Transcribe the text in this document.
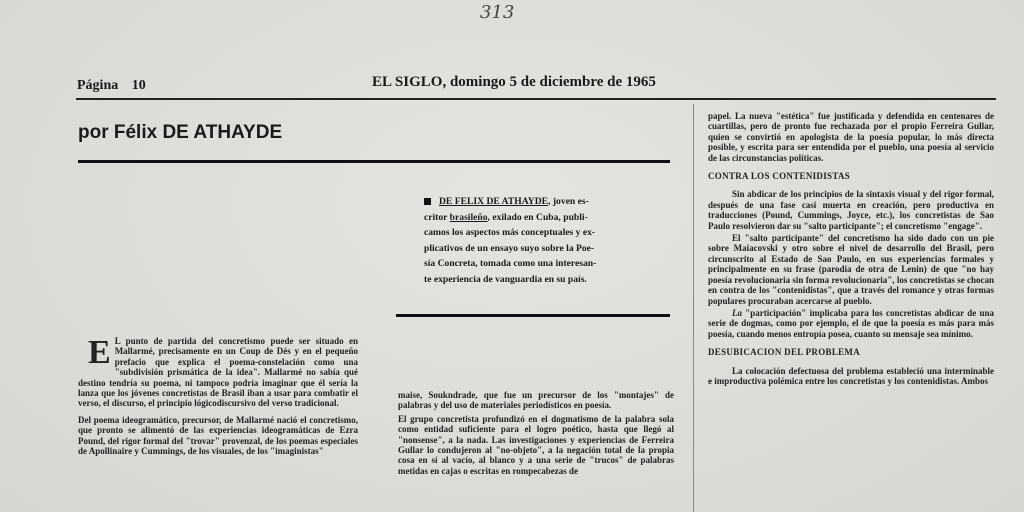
313
Página 10	EL SIGLO, domingo 5 de diciembre de 1965
por Félix DE ATHAYDE
DE FELIX DE ATHAYDE, joven es-
critor brasileño, exilado en Cuba, publi-
camos los aspectos más conceptuales y ex-
plicativos de un ensayo suyo sobre la Poe-
sía Concreta, tomada como una interesan-
te experiencia de vanguardia en su país.

E L punto de partida del concretismo puede ser situado en Mallarmé, precisamente en un Coup de Dés y en el pequeño prefacio que explica el poema-constelación como una "subdivisión prismática de la idea". Mallarmé no sabía qué destino tendría su poema, ni tampoco podría imaginar que él sería la lanza que los jóvenes concretistas de Brasil iban a usar para combatir el verso, el discurso, el principio lógicodiscursivo del verso tradicional.

Del poema ideogramático, precursor, de Mallarmé nació el concretismo, que pronto se alimentó de las experiencias ideogramáticas de Ezra Pound, del rigor formal del "trovar" provenzal, de los poemas especiales de Apollinaire y Cummings, de los visuales, de los "imaginistas"

maise, Soukndrade, que fue un precursor de los "montajes" de palabras y del uso de materiales periodísticos en poesía.

El grupo concretista profundizó en el dogmatismo de la palabra sola como entidad suficiente para el logro poético, hasta que llegó al "nonsense", a la nada. Las investigaciones y experiencias de Ferreira Gullar lo condujeron al "no-objeto", a la negación total de la propia cosa en sí al vacío, al blanco y a una serie de "trucos" de palabras metidas en cajas o escritas en rompecabezas de

papel. La nueva "estética" fue justificada y defendida en centenares de cuartillas, pero de pronto fue rechazada por el propio Ferreira Gullar, quien se convirtió en apologista de la poesía popular, lo más directa posible, y escrita para ser entendida por el pueblo, una poesía al servicio de las circunstancias políticas.

CONTRA LOS CONTENIDISTAS

Sin abdicar de los principios de la sintaxis visual y del rigor formal, después de una fase casi muerta en creación, pero productiva en traducciones (Pound, Cummings, Joyce, etc.), los concretistas de Sao Paulo resolvieron dar su "salto participante"; el concretismo "engage".

El "salto participante" del concretismo ha sido dado con un pie sobre Maiacovski y otro sobre el nivel de desarrollo del Brasil, pero circunscrito al Estado de Sao Paulo, en sus experiencias formales y principalmente en su frase (parodia de otra de Lenin) de que "no hay poesía revolucionaria sin forma revolucionaria", los concretistas se chocan en contra de los "contenidistas", que a través del romance y otras formas populares procuraban acercarse al pueblo.

La "participación" implicaba para los concretistas abdicar de una serie de dogmas, como por ejemplo, el de que la poesía es más para más poesía, cuando menos entropía posea, cuanto su mensaje sea mínimo.

DESUBICACION DEL PROBLEMA

La colocación defectuosa del problema estableció una interminable e improductiva polémica entre los concretistas y los contenidistas. Ambos
